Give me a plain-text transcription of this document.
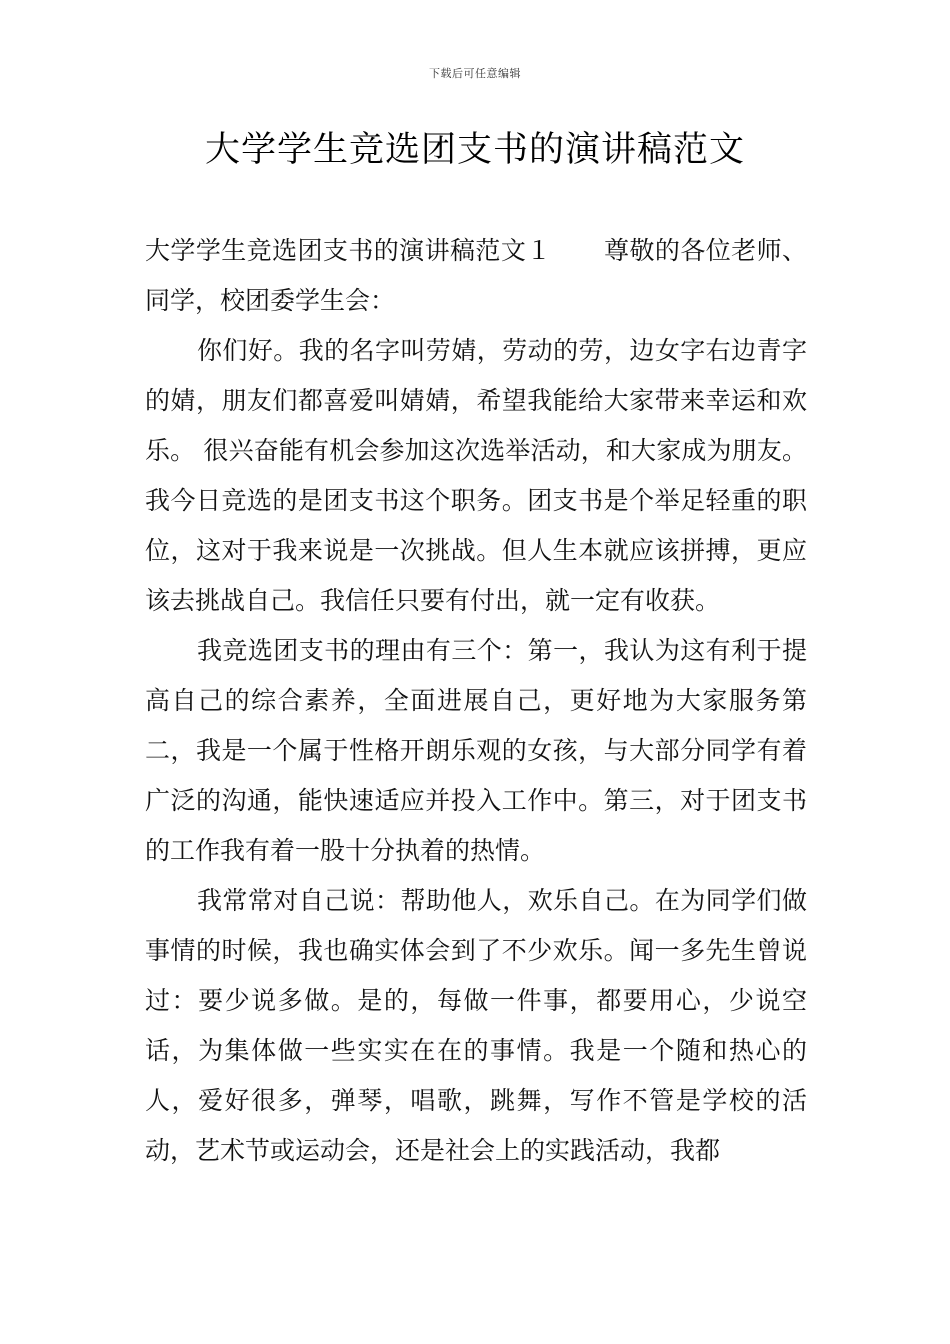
下载后可任意编辑
大学学生竞选团支书的演讲稿范文

大学学生竞选团支书的演讲稿范文１ 尊敬的各位老师、同学，校团委学生会：

你们好。我的名字叫劳婧，劳动的劳，边女字右边青字的婧，朋友们都喜爱叫婧婧，希望我能给大家带来幸运和欢乐。 很兴奋能有机会参加这次选举活动，和大家成为朋友。我今日竞选的是团支书这个职务。团支书是个举足轻重的职位，这对于我来说是一次挑战。但人生本就应该拼搏，更应该去挑战自己。我信任只要有付出，就一定有收获。

我竞选团支书的理由有三个：第一，我认为这有利于提高自己的综合素养，全面进展自己，更好地为大家服务第二，我是一个属于性格开朗乐观的女孩，与大部分同学有着广泛的沟通，能快速适应并投入工作中。第三，对于团支书的工作我有着一股十分执着的热情。

我常常对自己说：帮助他人，欢乐自己。在为同学们做事情的时候，我也确实体会到了不少欢乐。闻一多先生曾说过：要少说多做。是的，每做一件事，都要用心，少说空话，为集体做一些实实在在的事情。我是一个随和热心的人，爱好很多，弹琴，唱歌，跳舞，写作不管是学校的活动，艺术节或运动会，还是社会上的实践活动，我都
